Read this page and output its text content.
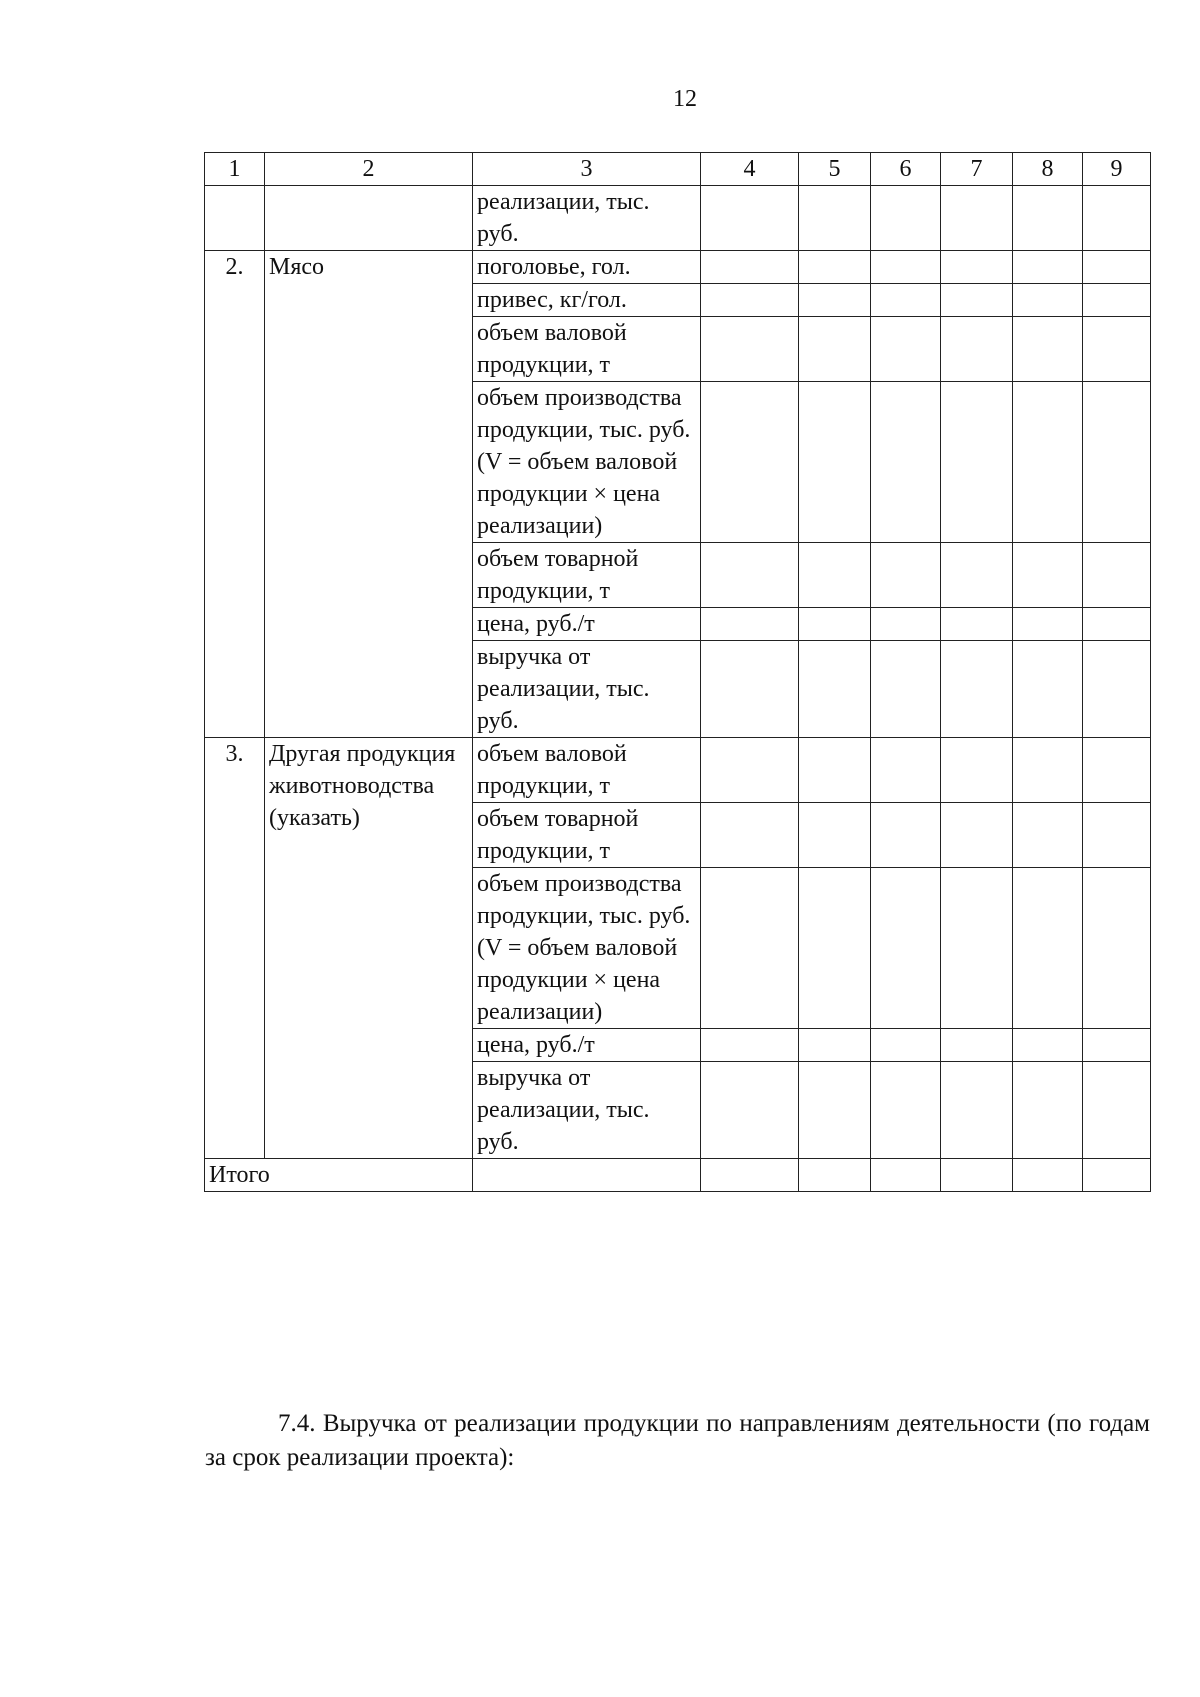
12
1	2	3	4	5	6	7	8	9
		реализации, тыс. руб.						
2.	Мясо	поголовье, гол.						
		привес, кг/гол.						
		объем валовой продукции, т						
		объем производства продукции, тыс. руб. (V = объем валовой продукции × цена реализации)						
		объем товарной продукции, т						
		цена, руб./т						
		выручка от реализации, тыс. руб.						
3.	Другая продукция животноводства (указать)	объем валовой продукции, т						
		объем товарной продукции, т						
		объем производства продукции, тыс. руб. (V = объем валовой продукции × цена реализации)						
		цена, руб./т						
		выручка от реализации, тыс. руб.						
Итого								

7.4. Выручка от реализации продукции по направлениям деятельности (по годам за срок реализации проекта):
